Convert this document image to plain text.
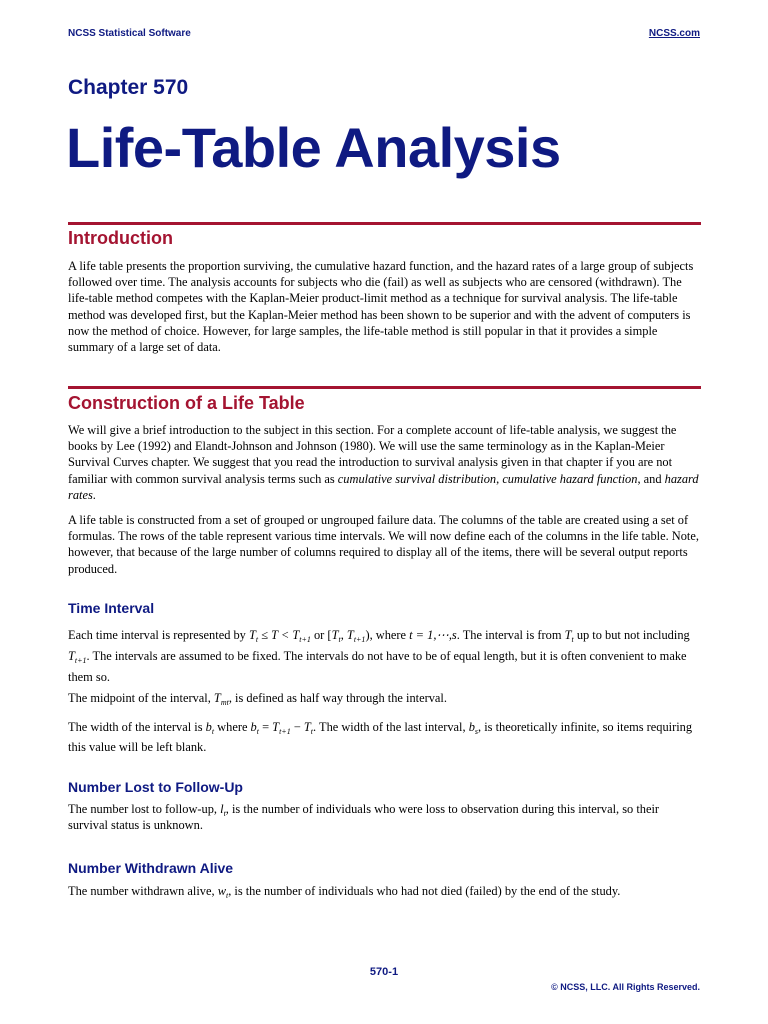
NCSS Statistical Software	NCSS.com
Chapter 570
Life-Table Analysis
Introduction
A life table presents the proportion surviving, the cumulative hazard function, and the hazard rates of a large group of subjects followed over time. The analysis accounts for subjects who die (fail) as well as subjects who are censored (withdrawn). The life-table method competes with the Kaplan-Meier product-limit method as a technique for survival analysis. The life-table method was developed first, but the Kaplan-Meier method has been shown to be superior and with the advent of computers is now the method of choice. However, for large samples, the life-table method is still popular in that it provides a simple summary of a large set of data.
Construction of a Life Table
We will give a brief introduction to the subject in this section. For a complete account of life-table analysis, we suggest the books by Lee (1992) and Elandt-Johnson and Johnson (1980). We will use the same terminology as in the Kaplan-Meier Survival Curves chapter. We suggest that you read the introduction to survival analysis given in that chapter if you are not familiar with common survival analysis terms such as cumulative survival distribution, cumulative hazard function, and hazard rates.
A life table is constructed from a set of grouped or ungrouped failure data. The columns of the table are created using a set of formulas. The rows of the table represent various time intervals. We will now define each of the columns in the life table. Note, however, that because of the large number of columns required to display all of the items, there will be several output reports produced.
Time Interval
Each time interval is represented by $T_t \le T < T_{t+1}$ or [$T_t$, $T_{t+1}$), where t = 1,⋯,s. The interval is from $T_t$ up to but not including $T_{t+1}$. The intervals are assumed to be fixed. The intervals do not have to be of equal length, but it is often convenient to make them so.
The midpoint of the interval, $T_{mt}$, is defined as half way through the interval.
The width of the interval is $b_t$ where $b_t = T_{t+1} - T_t$. The width of the last interval, $b_s$, is theoretically infinite, so items requiring this value will be left blank.
Number Lost to Follow-Up
The number lost to follow-up, $l_t$, is the number of individuals who were loss to observation during this interval, so their survival status is unknown.
Number Withdrawn Alive
The number withdrawn alive, $w_t$, is the number of individuals who had not died (failed) by the end of the study.
570-1
© NCSS, LLC. All Rights Reserved.
